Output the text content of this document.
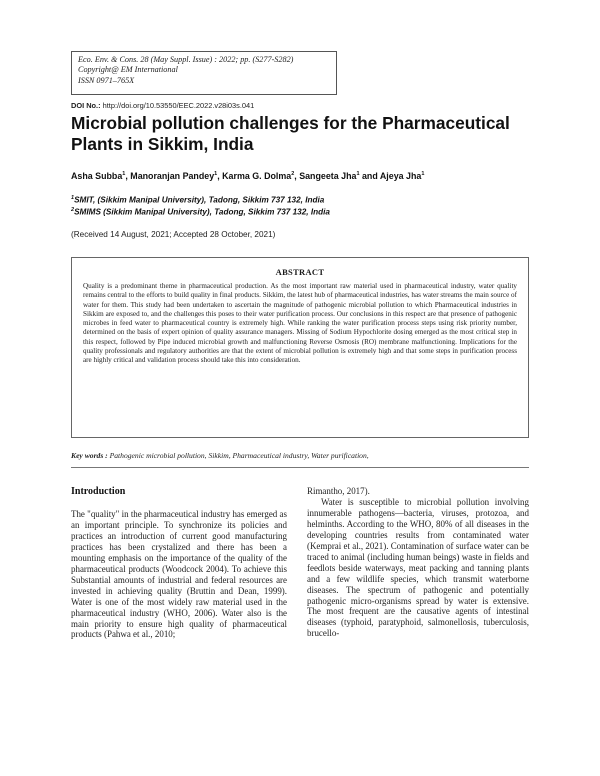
Eco. Env. & Cons. 28 (May Suppl. Issue) : 2022; pp. (S277-S282)
Copyright@ EM International
ISSN 0971–765X
DOI No.: http://doi.org/10.53550/EEC.2022.v28i03s.041
Microbial pollution challenges for the Pharmaceutical Plants in Sikkim, India
Asha Subba$^1$, Manoranjan Pandey$^1$, Karma G. Dolma$^2$, Sangeeta Jha$^1$ and Ajeya Jha$^1$
$^1$SMIT, (Sikkim Manipal University), Tadong, Sikkim 737 132, India
$^2$SMIMS (Sikkim Manipal University), Tadong, Sikkim 737 132, India
(Received 14 August, 2021; Accepted 28 October, 2021)
ABSTRACT

Quality is a predominant theme in pharmaceutical production. As the most important raw material used in pharmaceutical industry, water quality remains central to the efforts to build quality in final products. Sikkim, the latest hub of pharmaceutical industries, has water streams the main source of water for them. This study had been undertaken to ascertain the magnitude of pathogenic microbial pollution to which Pharmaceutical industries in Sikkim are exposed to, and the challenges this poses to their water purification process. Our conclusions in this respect are that presence of pathogenic microbes in feed water to pharmaceutical country is extremely high. While ranking the water purification process steps using risk priority number, determined on the basis of expert opinion of quality assurance managers. Missing of Sodium Hypochlorite dosing emerged as the most critical step in this respect, followed by Pipe induced microbial growth and malfunctioning Reverse Osmosis (RO) membrane malfunctioning. Implications for the quality professionals and regulatory authorities are that the extent of microbial pollution is extremely high and that some steps in purification process are highly critical and validation process should take this into consideration.

Key words : Pathogenic microbial pollution, Sikkim, Pharmaceutical industry, Water purification,
Introduction

The "quality" in the pharmaceutical industry has emerged as an important principle. To synchronize its policies and practices an introduction of current good manufacturing practices has been crystalized and there has been a mounting emphasis on the importance of the quality of the pharmaceutical products (Woodcock 2004). To achieve this Substantial amounts of industrial and federal resources are invested in achieving quality (Bruttin and Dean, 1999). Water is one of the most widely raw material used in the pharmaceutical industry (WHO, 2006). Water also is the main priority to ensure high quality of pharmaceutical products (Pahwa et al., 2010;

Rimantho, 2017).

Water is susceptible to microbial pollution involving innumerable pathogens—bacteria, viruses, protozoa, and helminths. According to the WHO, 80% of all diseases in the developing countries results from contaminated water (Kemprai et al., 2021). Contamination of surface water can be traced to animal (including human beings) waste in fields and feedlots beside waterways, meat packing and tanning plants and a few wildlife species, which transmit waterborne diseases. The spectrum of pathogenic and potentially pathogenic micro-organisms spread by water is extensive. The most frequent are the causative agents of intestinal diseases (typhoid, paratyphoid, salmonellosis, tuberculosis, brucello-
